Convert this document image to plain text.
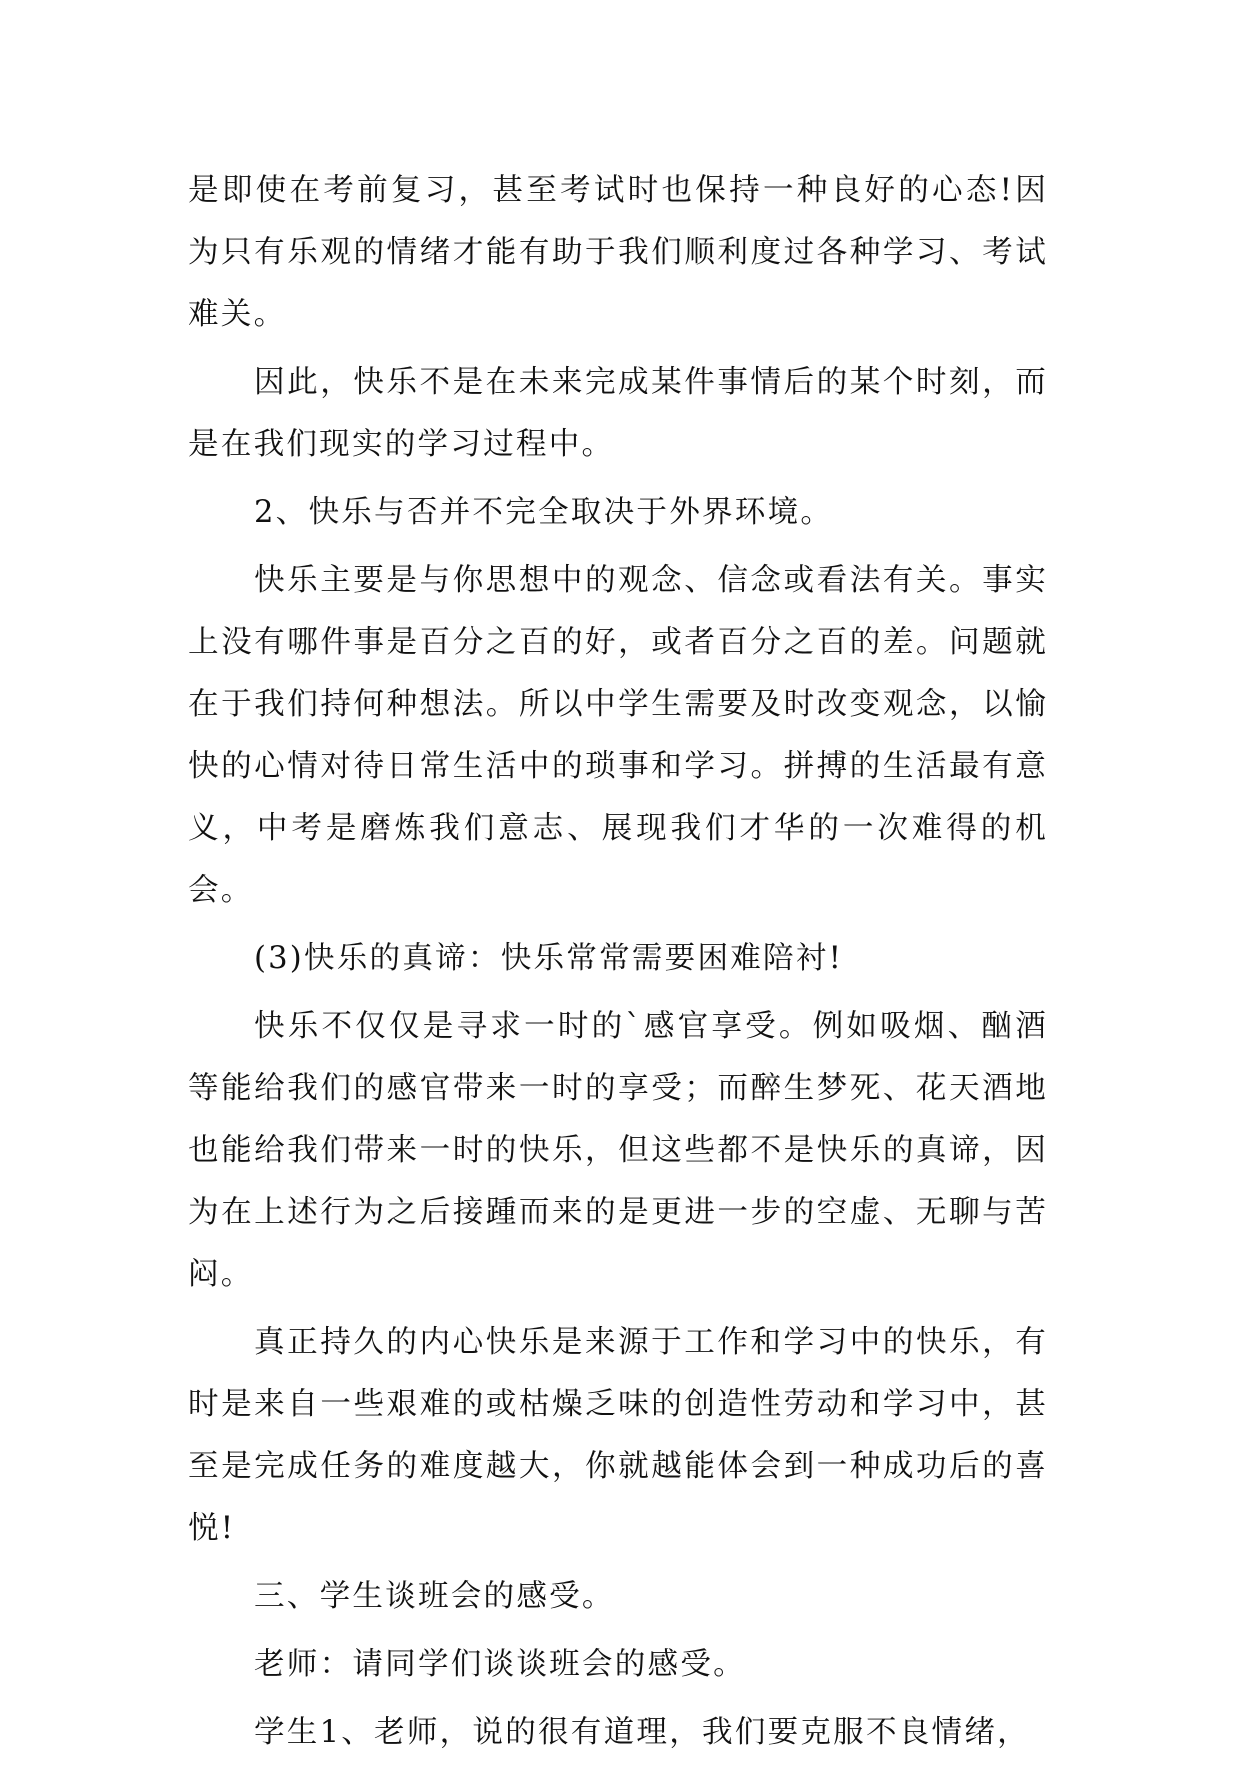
是即使在考前复习，甚至考试时也保持一种良好的心态!因为只有乐观的情绪才能有助于我们顺利度过各种学习、考试难关。

因此，快乐不是在未来完成某件事情后的某个时刻，而是在我们现实的学习过程中。

2、快乐与否并不完全取决于外界环境。

快乐主要是与你思想中的观念、信念或看法有关。事实上没有哪件事是百分之百的好，或者百分之百的差。问题就在于我们持何种想法。所以中学生需要及时改变观念，以愉快的心情对待日常生活中的琐事和学习。拼搏的生活最有意义，中考是磨炼我们意志、展现我们才华的一次难得的机会。

(3)快乐的真谛：快乐常常需要困难陪衬!

快乐不仅仅是寻求一时的`感官享受。例如吸烟、酗酒等能给我们的感官带来一时的享受；而醉生梦死、花天酒地也能给我们带来一时的快乐，但这些都不是快乐的真谛，因为在上述行为之后接踵而来的是更进一步的空虚、无聊与苦闷。

真正持久的内心快乐是来源于工作和学习中的快乐，有时是来自一些艰难的或枯燥乏味的创造性劳动和学习中，甚至是完成任务的难度越大，你就越能体会到一种成功后的喜悦!

三、学生谈班会的感受。

老师：请同学们谈谈班会的感受。

学生1、老师，说的很有道理，我们要克服不良情绪，
